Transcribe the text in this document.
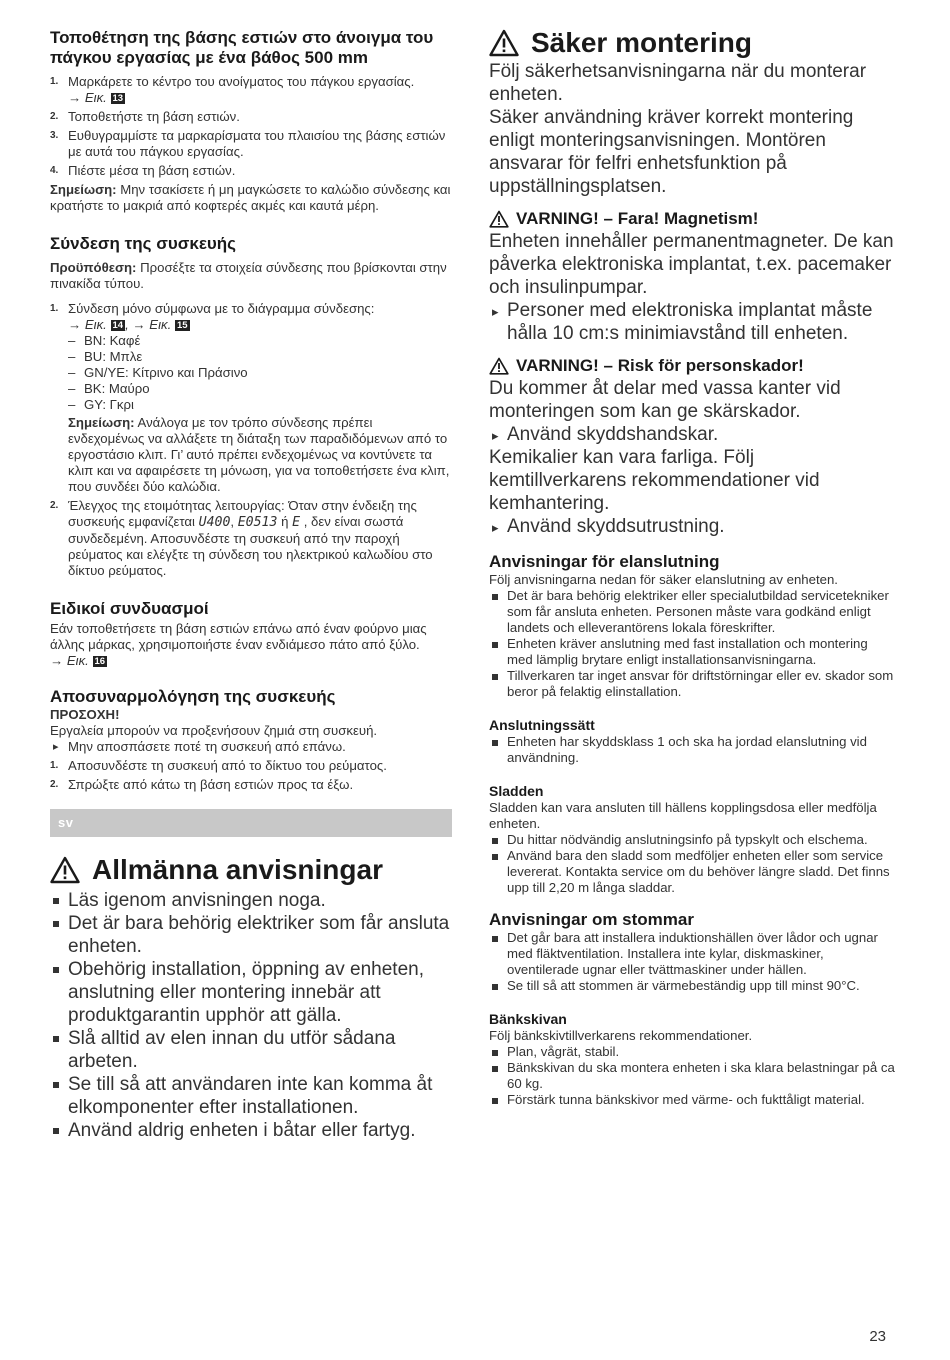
Τοποθέτηση της βάσης εστιών στο άνοιγμα του πάγκου εργασίας με ένα βάθος 500 mm
1. Μαρκάρετε το κέντρο του ανοίγματος του πάγκου εργασίας.
→ Εικ. 13
2. Τοποθετήστε τη βάση εστιών.
3. Ευθυγραμμίστε τα μαρκαρίσματα του πλαισίου της βάσης εστιών με αυτά του πάγκου εργασίας.
4. Πιέστε μέσα τη βάση εστιών.

Σημείωση: Μην τσακίσετε ή μη μαγκώσετε το καλώδιο σύνδεσης και κρατήστε το μακριά από κοφτερές ακμές και καυτά μέρη.

Σύνδεση της συσκευής

Προϋπόθεση: Προσέξτε τα στοιχεία σύνδεσης που βρίσκονται στην πινακίδα τύπου.

1. Σύνδεση μόνο σύμφωνα με το διάγραμμα σύνδεσης:
→ Εικ. 14 , → Εικ. 15
– BN: Καφέ
– BU: Μπλε
– GN/YE: Κίτρινο και Πράσινο
– BK: Μαύρο
– GY: Γκρι

Σημείωση: Ανάλογα με τον τρόπο σύνδεσης πρέπει ενδεχομένως να αλλάξετε τη διάταξη των παραδιδόμενων από το εργοστάσιο κλιπ. Γι’ αυτό πρέπει ενδεχομένως να κοντύνετε τα κλιπ και να αφαιρέσετε τη μόνωση, για να τοποθετήσετε ένα κλιπ, που συνδέει δύο καλώδια.

2. Έλεγχος της ετοιμότητας λειτουργίας: Όταν στην ένδειξη της συσκευής εμφανίζεται U400, E0513 ή E , δεν είναι σωστά συνδεδεμένη. Αποσυνδέστε τη συσκευή από την παροχή ρεύματος και ελέγξτε τη σύνδεση του ηλεκτρικού καλωδίου στο δίκτυο ρεύματος.
Ειδικοί συνδυασμοί

Εάν τοποθετήσετε τη βάση εστιών επάνω από έναν φούρνο μιας άλλης μάρκας, χρησιμοποιήστε έναν ενδιάμεσο πάτο από ξύλο.

→ Εικ. 16

Αποσυναρμολόγηση της συσκευής

ΠΡΟΣΟΧΗ!

Εργαλεία μπορούν να προξενήσουν ζημιά στη συσκευή.

▸ Μην αποσπάσετε ποτέ τη συσκευή από επάνω.

1. Αποσυνδέστε τη συσκευή από το δίκτυο του ρεύματος.
2. Σπρώξτε από κάτω τη βάση εστιών προς τα έξω.
sv
Allmänna anvisningar
Läs igenom anvisningen noga.
Det är bara behörig elektriker som får ansluta enheten.
Obehörig installation, öppning av enheten, anslutning eller montering innebär att produktgarantin upphör att gälla.
Slå alltid av elen innan du utför sådana arbeten.
Se till så att användaren inte kan komma åt elkomponenter efter installationen.
Använd aldrig enheten i båtar eller fartyg.
Säker montering

Följ säkerhetsanvisningarna när du monterar enheten.

Säker användning kräver korrekt montering enligt monteringsanvisningen. Montören ansvarar för felfri enhetsfunktion på uppställningsplatsen.

VARNING! – Fara! Magnetism!

Enheten innehåller permanentmagneter. De kan påverka elektroniska implantat, t.ex. pacemaker och insulinpumpar.

▸ Personer med elektroniska implantat måste hålla 10 cm:s minimiavstånd till enheten.

VARNING! – Risk för personskador!

Du kommer åt delar med vassa kanter vid monteringen som kan ge skärskador.

▸ Använd skyddshandskar.

Kemikalier kan vara farliga. Följ kemtillverkarens rekommendationer vid kemhantering.

▸ Använd skyddsutrustning.

Anvisningar för elanslutning

Följ anvisningarna nedan för säker elanslutning av enheten.

Det är bara behörig elektriker eller specialutbildad servicetekniker som får ansluta enheten. Personen måste vara godkänd enligt landets och elleverantörens lokala föreskrifter.
Enheten kräver anslutning med fast installation och montering med lämplig brytare enligt installationsanvisningarna.
Tillverkaren tar inget ansvar för driftstörningar eller ev. skador som beror på felaktig elinstallation.
Anslutningssätt
Enheten har skyddsklass 1 och ska ha jordad elanslutning vid användning.
Sladden

Sladden kan vara ansluten till hällens kopplingsdosa eller medfölja enheten.

Du hittar nödvändig anslutningsinfo på typskylt och elschema.
Använd bara den sladd som medföljer enheten eller som service levererat. Kontakta service om du behöver längre sladd. Det finns upp till 2,20 m långa sladdar.
Anvisningar om stommar
Det går bara att installera induktionshällen över lådor och ugnar med fläktventilation. Installera inte kylar, diskmaskiner, oventilerade ugnar eller tvättmaskiner under hällen.
Se till så att stommen är värmebeständig upp till minst 90°C.
Bänkskivan

Följ bänkskivtillverkarens rekommendationer.

Plan, vågrät, stabil.
Bänkskivan du ska montera enheten i ska klara belastningar på ca 60 kg.
Förstärk tunna bänkskivor med värme- och fukttåligt material.
23
